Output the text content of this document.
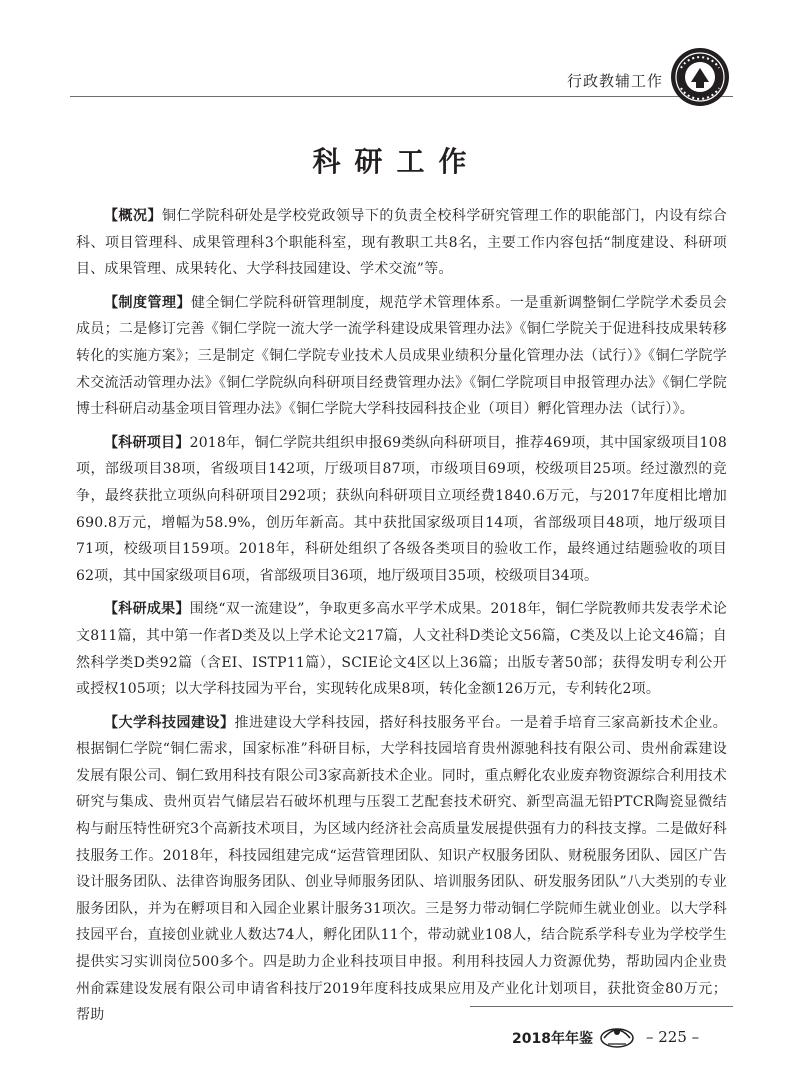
行政教辅工作
科研工作

【概况】铜仁学院科研处是学校党政领导下的负责全校科学研究管理工作的职能部门，内设有综合科、项目管理科、成果管理科3个职能科室，现有教职工共8名，主要工作内容包括“制度建设、科研项目、成果管理、成果转化、大学科技园建设、学术交流”等。

【制度管理】健全铜仁学院科研管理制度，规范学术管理体系。一是重新调整铜仁学院学术委员会成员；二是修订完善《铜仁学院一流大学一流学科建设成果管理办法》《铜仁学院关于促进科技成果转移转化的实施方案》；三是制定《铜仁学院专业技术人员成果业绩积分量化管理办法（试行）》《铜仁学院学术交流活动管理办法》《铜仁学院纵向科研项目经费管理办法》《铜仁学院项目申报管理办法》《铜仁学院博士科研启动基金项目管理办法》《铜仁学院大学科技园科技企业（项目）孵化管理办法（试行）》。

【科研项目】2018年，铜仁学院共组织申报69类纵向科研项目，推荐469项，其中国家级项目108项，部级项目38项，省级项目142项，厅级项目87项，市级项目69项，校级项目25项。经过激烈的竞争，最终获批立项纵向科研项目292项；获纵向科研项目立项经费1840.6万元，与2017年度相比增加690.8万元，增幅为58.9%，创历年新高。其中获批国家级项目14项，省部级项目48项，地厅级项目71项，校级项目159项。2018年，科研处组织了各级各类项目的验收工作，最终通过结题验收的项目62项，其中国家级项目6项，省部级项目36项，地厅级项目35项，校级项目34项。

【科研成果】围绕“双一流建设”，争取更多高水平学术成果。2018年，铜仁学院教师共发表学术论文811篇，其中第一作者D类及以上学术论文217篇，人文社科D类论文56篇，C类及以上论文46篇；自然科学类D类92篇（含EI、ISTP11篇），SCIE论文4区以上36篇；出版专著50部；获得发明专利公开或授权105项；以大学科技园为平台，实现转化成果8项，转化金额126万元，专利转化2项。

【大学科技园建设】推进建设大学科技园，搭好科技服务平台。一是着手培育三家高新技术企业。根据铜仁学院“铜仁需求，国家标准”科研目标，大学科技园培育贵州源驰科技有限公司、贵州俞霖建设发展有限公司、铜仁致用科技有限公司3家高新技术企业。同时，重点孵化农业废弃物资源综合利用技术研究与集成、贵州页岩气储层岩石破坏机理与压裂工艺配套技术研究、新型高温无铅PTCR陶瓷显微结构与耐压特性研究3个高新技术项目，为区域内经济社会高质量发展提供强有力的科技支撑。二是做好科技服务工作。2018年，科技园组建完成“运营管理团队、知识产权服务团队、财税服务团队、园区广告设计服务团队、法律咨询服务团队、创业导师服务团队、培训服务团队、研发服务团队”八大类别的专业服务团队，并为在孵项目和入园企业累计服务31项次。三是努力带动铜仁学院师生就业创业。以大学科技园平台，直接创业就业人数达74人，孵化团队11个，带动就业108人，结合院系学科专业为学校学生提供实习实训岗位500多个。四是助力企业科技项目申报。利用科技园人力资源优势，帮助园内企业贵州俞霖建设发展有限公司申请省科技厅2019年度科技成果应用及产业化计划项目，获批资金80万元；帮助

2018年年鉴	– 225 –
